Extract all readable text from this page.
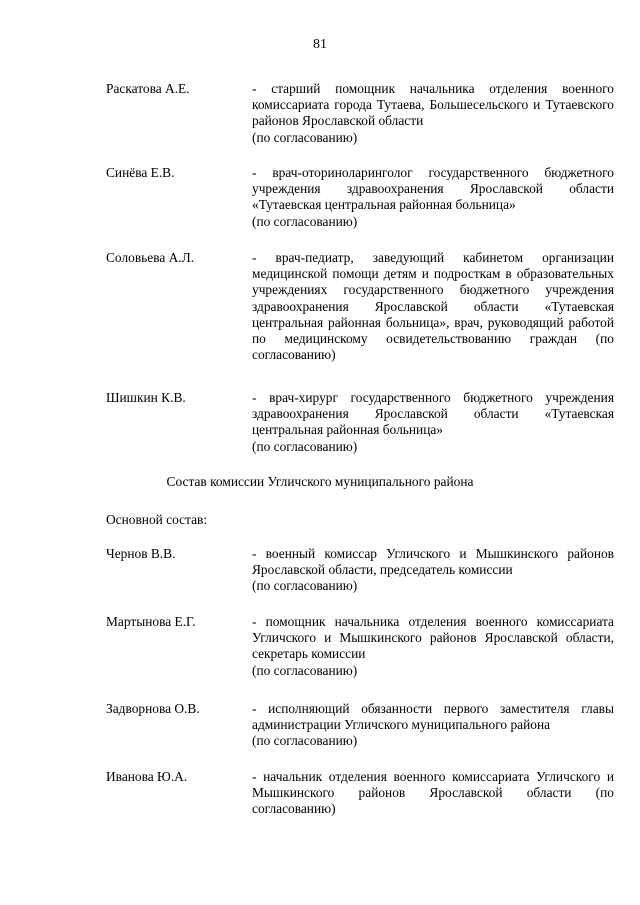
81
Раскатова А.Е.	- старший помощник начальника отделения военного комиссариата города Тутаева, Большесельского и Тутаевского районов Ярославской области

(по согласованию)

Синёва Е.В.	- врач-оториноларинголог государственного бюджетного учреждения здравоохранения Ярославской области «Тутаевская центральная районная больница»

(по согласованию)

Соловьева А.Л.	- врач-педиатр, заведующий кабинетом организации медицинской помощи детям и подросткам в образовательных учреждениях государственного бюджетного учреждения здравоохранения Ярославской области «Тутаевская центральная районная больница», врач, руководящий работой по медицинскому освидетельствованию граждан (по согласованию)

Шишкин К.В.	- врач-хирург государственного бюджетного учреждения здравоохранения Ярославской области «Тутаевская центральная районная больница»

(по согласованию)

Состав комиссии Угличского муниципального района
Основной состав:
Чернов В.В.	- военный комиссар Угличского и Мышкинского районов Ярославской области, председатель комиссии

(по согласованию)

Мартынова Е.Г.	- помощник начальника отделения военного комиссариата Угличского и Мышкинского районов Ярославской области, секретарь комиссии

(по согласованию)

Задворнова О.В.	- исполняющий обязанности первого заместителя главы администрации Угличского муниципального района

(по согласованию)

Иванова Ю.А.	- начальник отделения военного комиссариата Угличского и Мышкинского районов Ярославской области (по согласованию)
